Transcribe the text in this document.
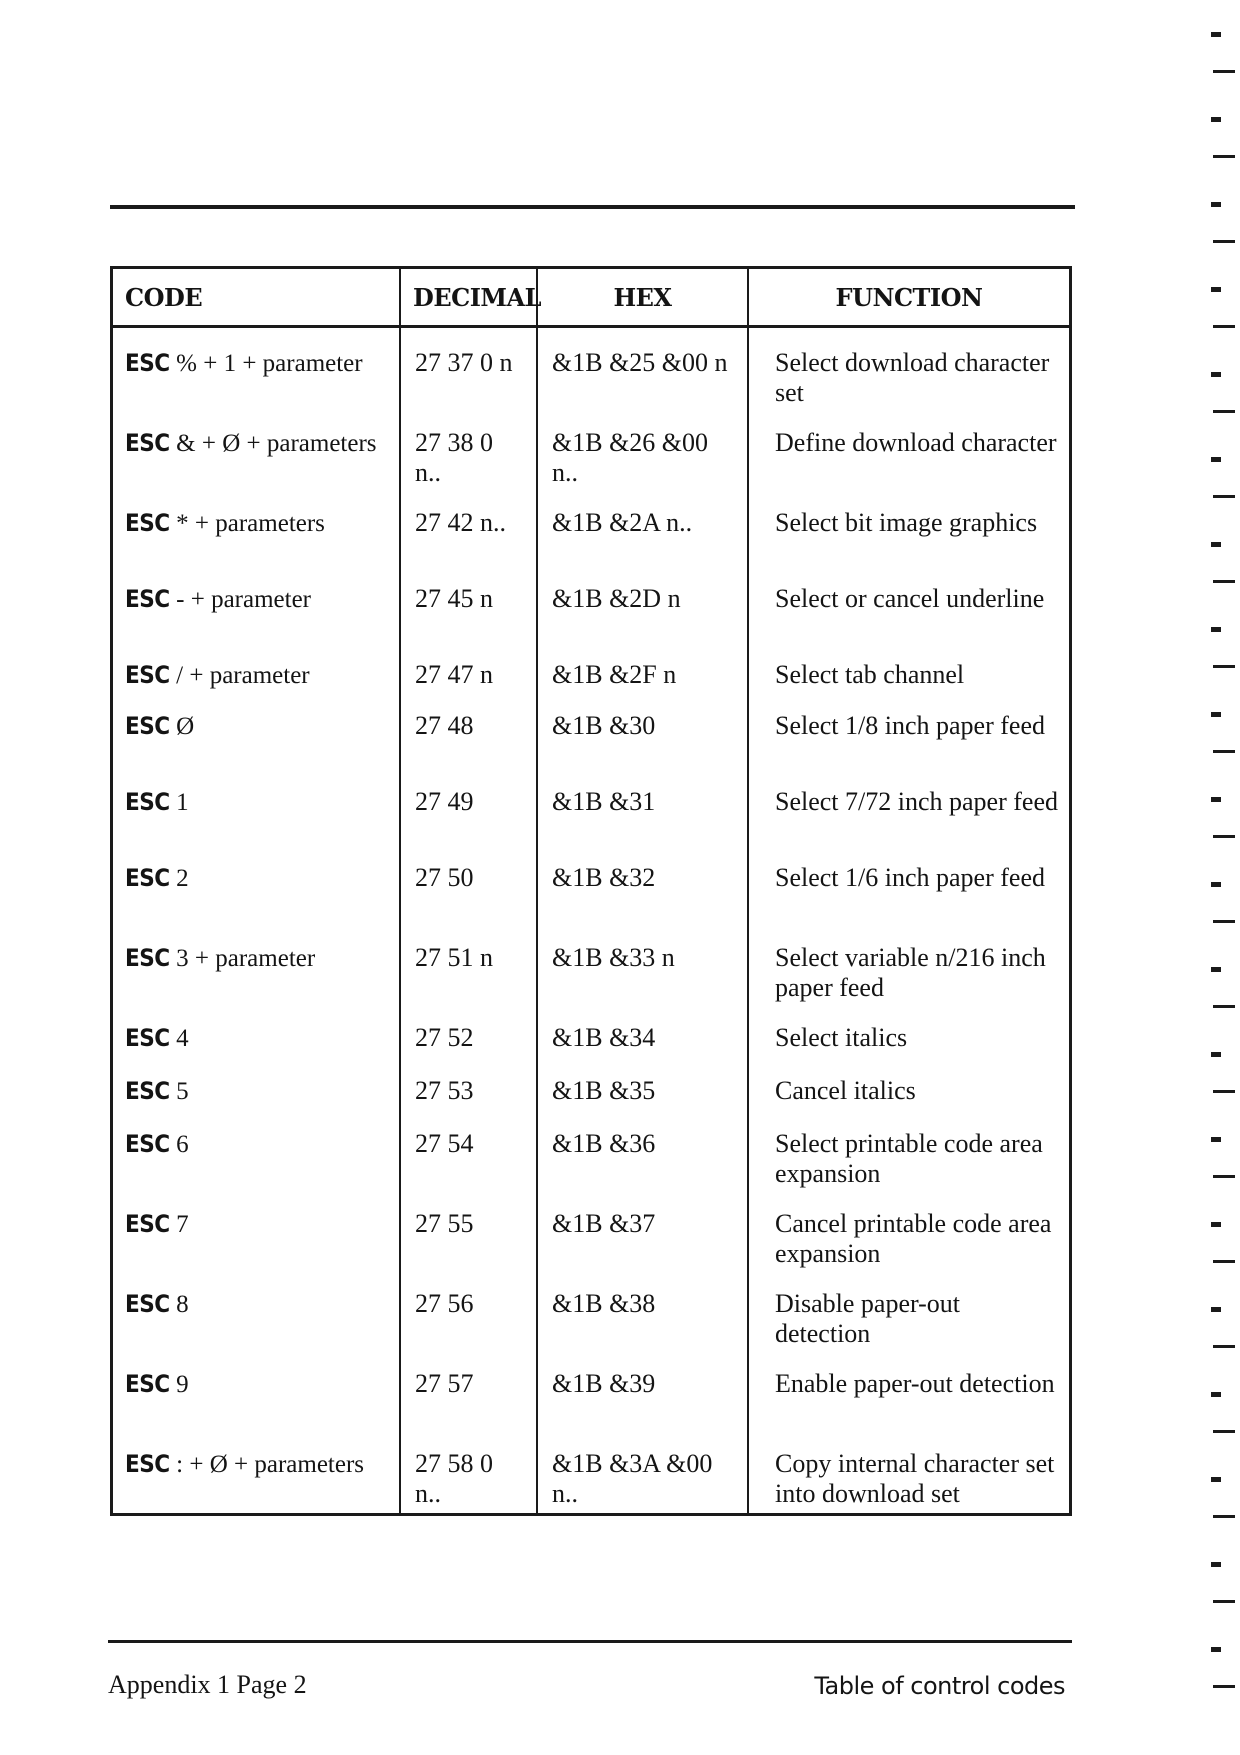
CODE	DECIMAL	HEX	FUNCTION
ESC % + 1 + parameter	27 37 0 n	&1B &25 &00 n	Select download character set
ESC & + Ø + parameters	27 38 0 n..	&1B &26 &00 n..	Define download character
ESC * + parameters	27 42 n..	&1B &2A n..	Select bit image graphics
ESC - + parameter	27 45 n	&1B &2D n	Select or cancel underline
ESC / + parameter	27 47 n	&1B &2F n	Select tab channel
ESC Ø	27 48	&1B &30	Select 1/8 inch paper feed
ESC 1	27 49	&1B &31	Select 7/72 inch paper feed
ESC 2	27 50	&1B &32	Select 1/6 inch paper feed
ESC 3 + parameter	27 51 n	&1B &33 n	Select variable n/216 inch paper feed
ESC 4	27 52	&1B &34	Select italics
ESC 5	27 53	&1B &35	Cancel italics
ESC 6	27 54	&1B &36	Select printable code area expansion
ESC 7	27 55	&1B &37	Cancel printable code area expansion
ESC 8	27 56	&1B &38	Disable paper-out detection
ESC 9	27 57	&1B &39	Enable paper-out detection
ESC : + Ø + parameters	27 58 0 n..	&1B &3A &00 n..	Copy internal character set into download set
Appendix 1 Page 2	Table of control codes
